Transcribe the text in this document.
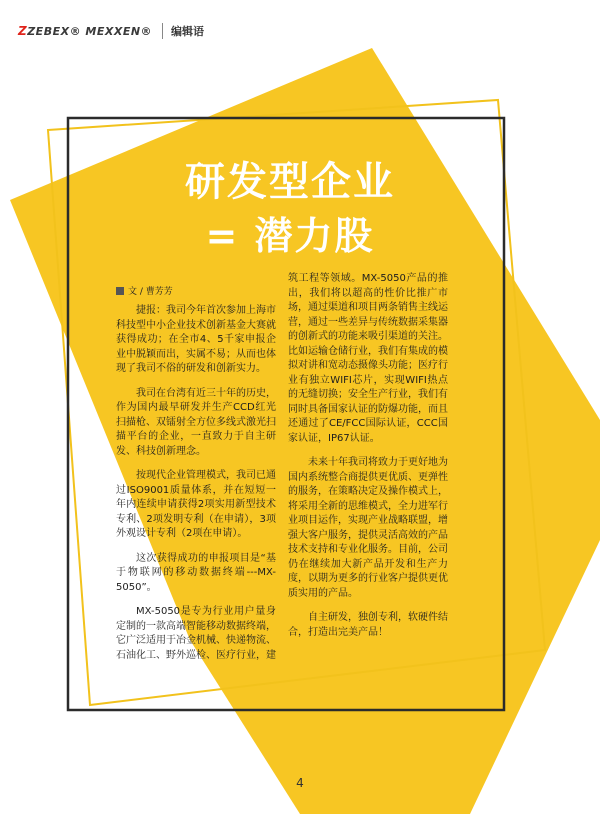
ZZEBEX® MEXXEN® 编辑语
研发型企业
= 潜力股
文 / 曹芳芳

捷报：我司今年首次参加上海市科技型中小企业技术创新基金大赛就获得成功；在全市4、5千家申报企业中脱颖而出，实属不易；从而也体现了我司不俗的研发和创新实力。

我司在台湾有近三十年的历史，作为国内最早研发并生产CCD红光扫描枪、双镭射全方位多线式激光扫描平台的企业，一直致力于自主研发、科技创新理念。

按现代企业管理模式，我司已通过ISO9001质量体系，并在短短一年内连续申请获得2项实用新型技术专利、2项发明专利（在申请），3项外观设计专利（2项在申请）。

这次获得成功的申报项目是“基于物联网的移动数据终端---MX-5050”。

MX-5050是专为行业用户量身定制的一款高端智能移动数据终端，它广泛适用于冶金机械、快递物流、石油化工、野外巡检、医疗行业，建

筑工程等领域。MX-5050产品的推出，我们将以超高的性价比推广市场，通过渠道和项目两条销售主线运营，通过一些差异与传统数据采集器的创新式的功能来吸引渠道的关注。比如运输仓储行业，我们有集成的模拟对讲和宽动态摄像头功能；医疗行业有独立WIFI芯片，实现WIFI热点的无缝切换；安全生产行业，我们有同时具备国家认证的防爆功能，而且还通过了CE/FCC国际认证，CCC国家认证，IP67认证。

未来十年我司将致力于更好地为国内系统整合商提供更优质、更弹性的服务，在策略决定及操作模式上，将采用全新的思维模式，全力进军行业项目运作，实现产业战略联盟，增强大客户服务，提供灵活高效的产品技术支持和专业化服务。目前，公司仍在继续加大新产品开发和生产力度，以期为更多的行业客户提供更优质实用的产品。

自主研发，独创专利，软硬件结合，打造出完美产品！

4
